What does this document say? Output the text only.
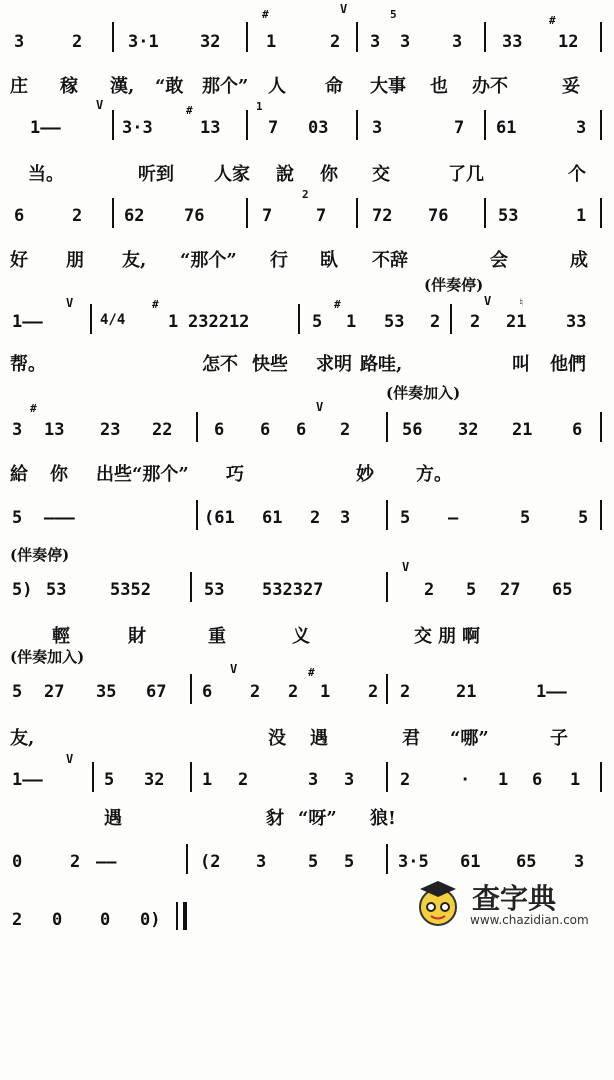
3

	2

	3·1

32

	1

	2

3

3

3

33

12

#	V	5	#

庄

稼

漢,

“敢

那个”

人

命

大事

也

办不

	妥

1——

	3·3

	13

	7

03

	3

	7

61

	3

V	#	1

当。

	听到

人家

說

你

交

	了几

	个

6

	2

62

76

	7

	7

	72

76

	53

	1

2

好

朋

友,

“那个”

行

臥

不辞

	会

	成

(伴奏停)

1——

	4/4

	1

232212

	5

1

53

2

2

21

33

V	#	#	V ♮

帮。

	怎不

快些

求明

路哇,

	叫

他們

(伴奏加入)

3

13

23

22

6

6

6

2

	56

32

21

6

#	V

給

你

出些“那个”

巧

	妙

方。

5

———

	(61

61

2

3

	5

—

	5

	5

(伴奏停)

5)

53

	5352

	53

532327

	2

5

27

65

V

輕

	財

	重

	义

	交

朋

啊

(伴奏加入)

5

27

35

67

6

2

2

1

2

2

	21

	1——

V	#

友,

	没

遇

	君

“哪”

	子

1——

	5

32

1

2

	3

3

	2

	·

1

6

1

V

遇

	豺

“呀”

狼!

0

	2

——

	(2

3

5

5

	3·5

61

65

3

2

0

0

0)

查字典
www.chazidian.com
